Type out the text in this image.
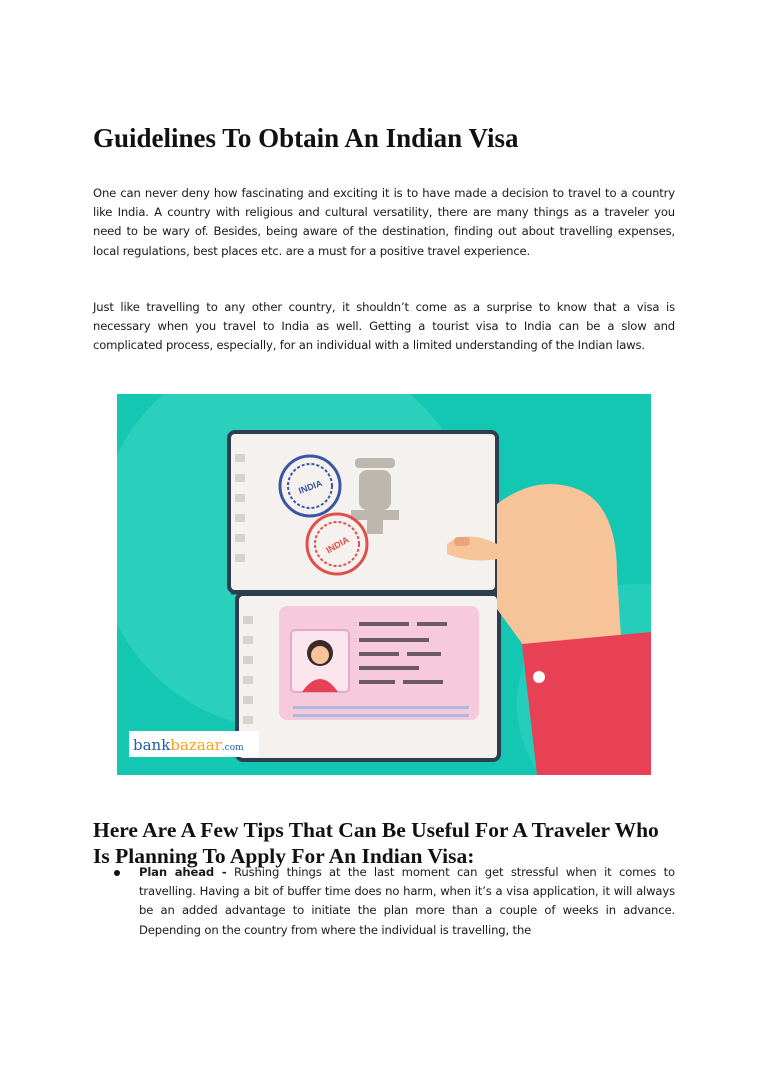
Guidelines To Obtain An Indian Visa

One can never deny how fascinating and exciting it is to have made a decision to travel to a country like India. A country with religious and cultural versatility, there are many things as a traveler you need to be wary of. Besides, being aware of the destination, finding out about travelling expenses, local regulations, best places etc. are a must for a positive travel experience.

Just like travelling to any other country, it shouldn’t come as a surprise to know that a visa is necessary when you travel to India as well. Getting a tourist visa to India can be a slow and complicated process, especially, for an individual with a limited understanding of the Indian laws.

Here Are A Few Tips That Can Be Useful For A Traveler Who Is Planning To Apply For An Indian Visa:

Plan ahead - Rushing things at the last moment can get stressful when it comes to travelling. Having a bit of buffer time does no harm, when it’s a visa application, it will always be an added advantage to initiate the plan more than a couple of weeks in advance. Depending on the country from where the individual is travelling, the

INDIA
INDIA
bankbazaar.com
